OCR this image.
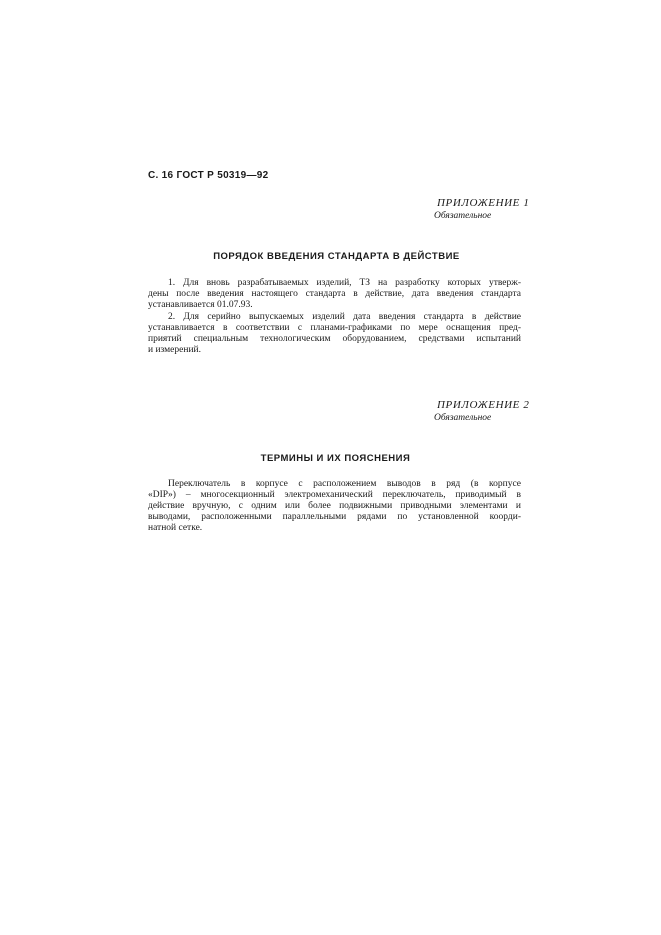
С. 16 ГОСТ Р 50319—92
ПРИЛОЖЕНИЕ 1
Обязательное
ПОРЯДОК ВВЕДЕНИЯ СТАНДАРТА В ДЕЙСТВИЕ
1. Для вновь разрабатываемых изделий, ТЗ на разработку которых утверж-
дены после введения настоящего стандарта в действие, дата введения стандарта
устанавливается 01.07.93.
2. Для серийно выпускаемых изделий дата введения стандарта в действие
устанавливается в соответствии с планами-графиками по мере оснащения пред-
приятий специальным технологическим оборудованием, средствами испытаний
и измерений.
ПРИЛОЖЕНИЕ 2
Обязательное
ТЕРМИНЫ И ИХ ПОЯСНЕНИЯ
Переключатель в корпусе с расположением выводов в ряд (в корпусе
«DIP») – многосекционный электромеханический переключатель, приводимый в
действие вручную, с одним или более подвижными приводными элементами и
выводами, расположенными параллельными рядами по установленной коорди-
натной сетке.
